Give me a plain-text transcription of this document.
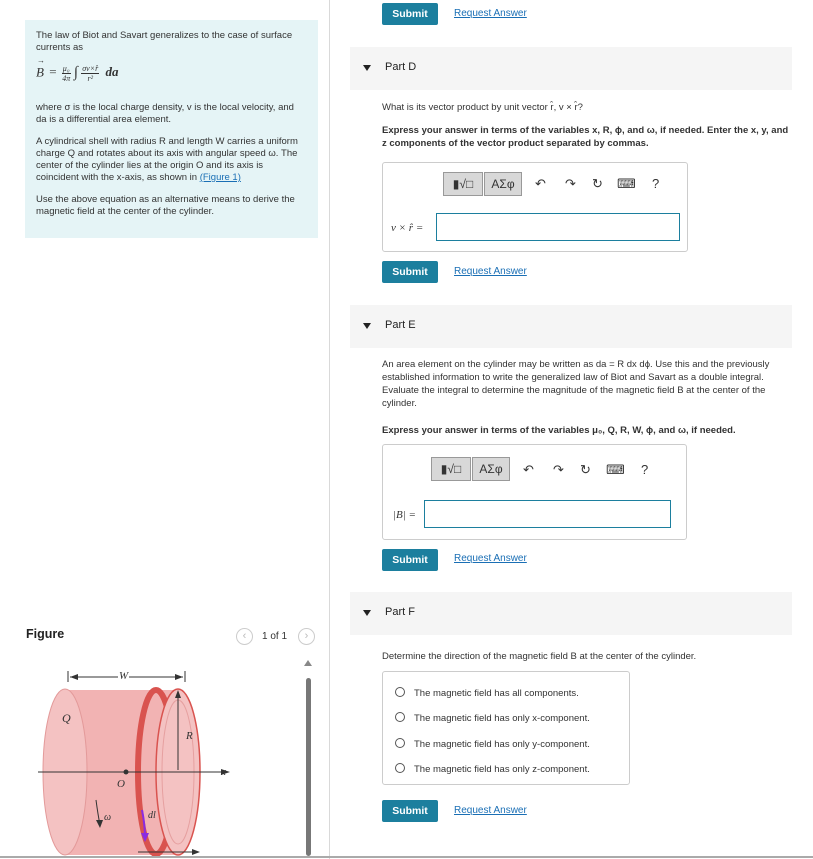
The law of Biot and Savart generalizes to the case of surface currents as

B
→
= $\frac{\text{μ₀}}{4\pi}$ ∫ $\frac{\sigma v\times r̂}{\text{r²}}$ da

where σ is the local charge density, v is the local velocity, and da is a differential area element.

A cylindrical shell with radius R and length W carries a uniform charge Q and rotates about its axis with angular speed ω. The center of the cylinder lies at the origin O and its axis is coincident with the x-axis, as shown in (Figure 1)

Use the above equation as an alternative means to derive the magnetic field at the center of the cylinder.

Figure	‹	1 of 1	›
W
Q
R
x
O
ω	dl
Submit	Request Answer
Part D
What is its vector product by unit vector r̂, v × r̂?
Express your answer in terms of the variables x, R, ϕ, and ω, if needed. Enter the x, y, and z components of the vector product separated by commas.
▮√□	ΑΣφ	↶ ↷ ↻ ⌨ ?
v × r̂ =
Submit	Request Answer
Part E
An area element on the cylinder may be written as da = R dx dϕ. Use this and the previously established information to write the generalized law of Biot and Savart as a double integral. Evaluate the integral to determine the magnitude of the magnetic field B at the center of the cylinder.
Express your answer in terms of the variables μ₀, Q, R, W, ϕ, and ω, if needed.
▮√□	ΑΣφ	↶ ↷ ↻ ⌨ ?
|B| =
Submit	Request Answer
Part F
Determine the direction of the magnetic field B at the center of the cylinder.
The magnetic field has all components.
The magnetic field has only x-component.
The magnetic field has only y-component.
The magnetic field has only z-component.
Submit	Request Answer
